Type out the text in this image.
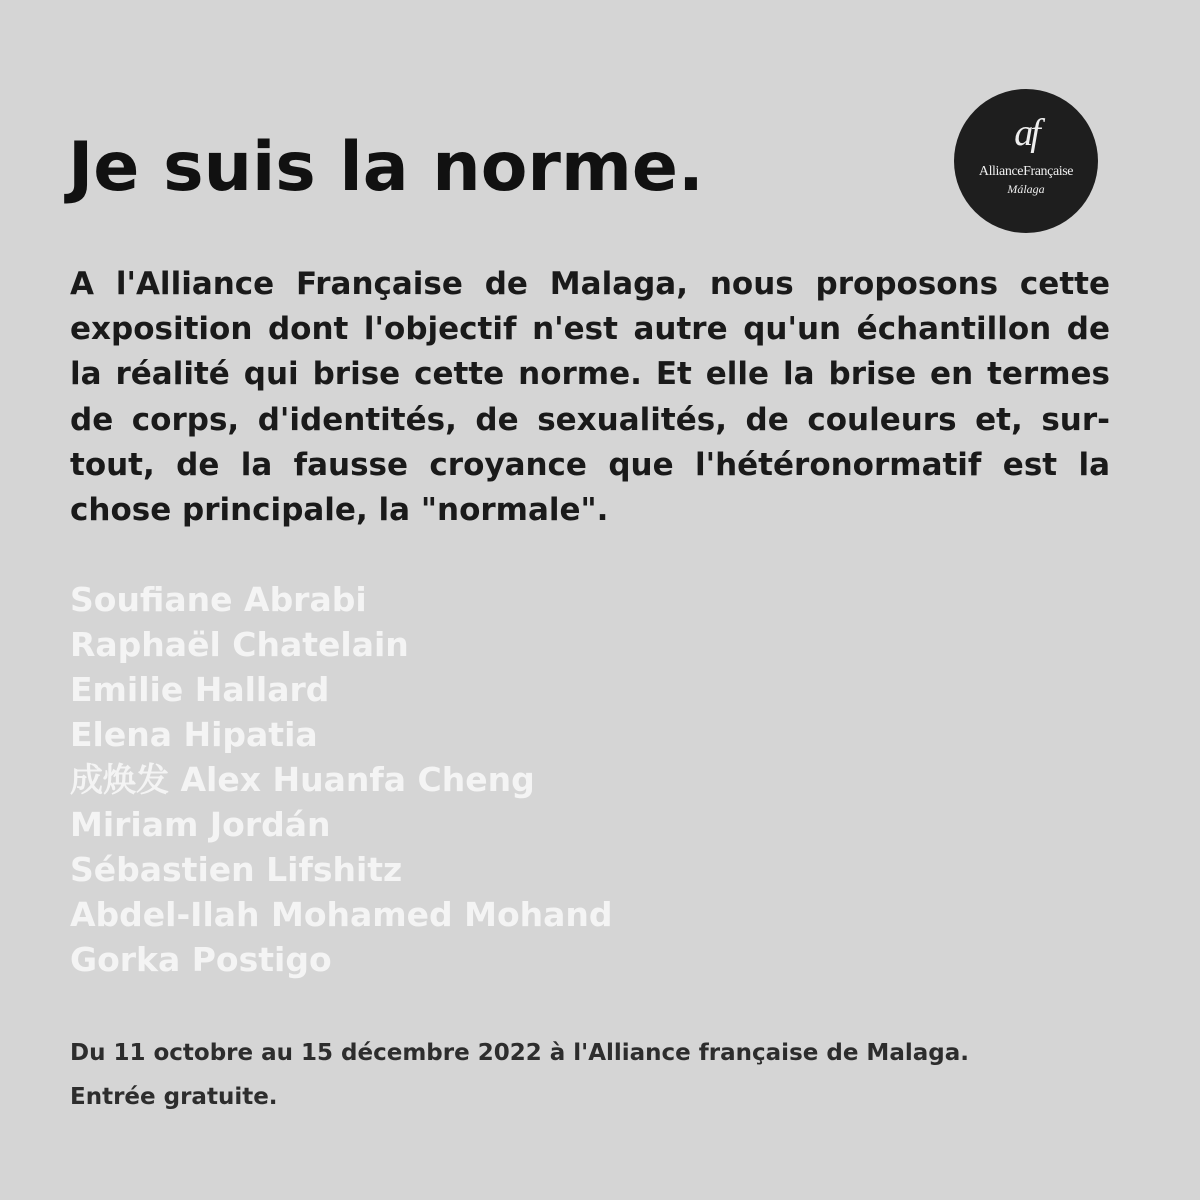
Je suis la norme.	af
AllianceFrançaise
Málaga

A l'Alliance Française de Malaga, nous proposons cette exposition dont l'objectif n'est autre qu'un échantillon de la réalité qui brise cette norme. Et elle la brise en termes de corps, d'identités, de sexualités, de couleurs et, sur-tout, de la fausse croyance que l'hétéronormatif est la chose principale, la "normale".

Soufiane Abrabi
Raphaël Chatelain
Emilie Hallard
Elena Hipatia
成焕发 Alex Huanfa Cheng
Miriam Jordán
Sébastien Lifshitz
Abdel-Ilah Mohamed Mohand
Gorka Postigo

Du 11 octobre au 15 décembre 2022 à l'Alliance française de Malaga.

Entrée gratuite.
